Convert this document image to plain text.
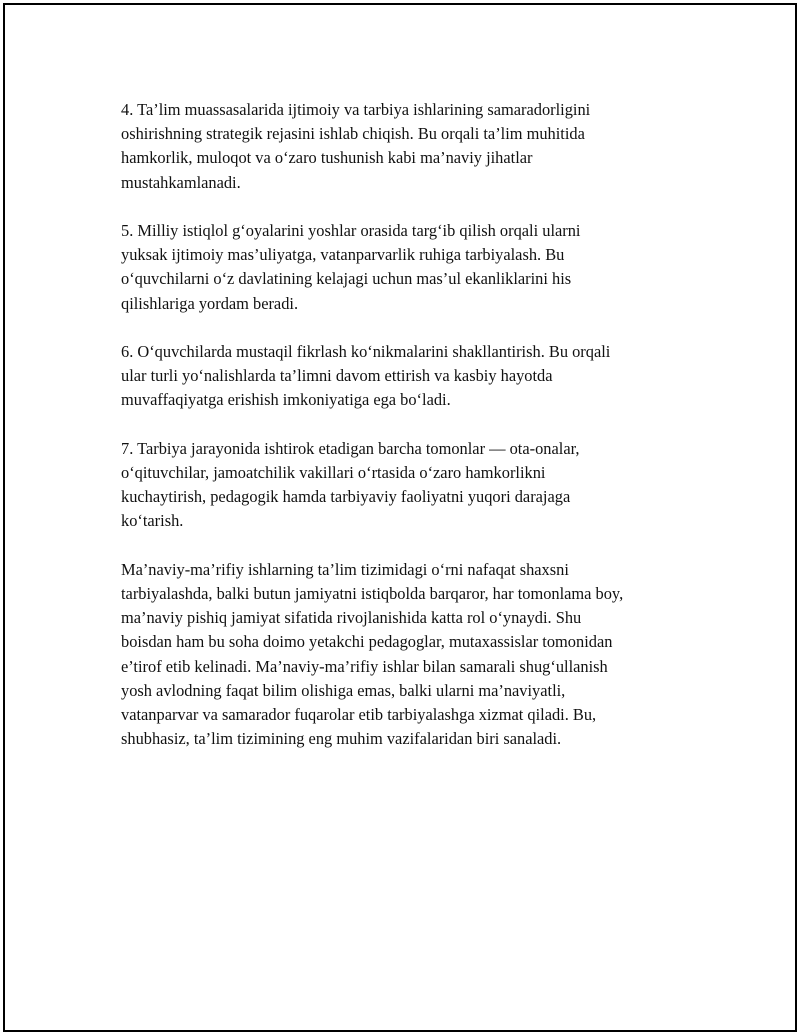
4. Ta’lim muassasalarida ijtimoiy va tarbiya ishlarining samaradorligini
oshirishning strategik rejasini ishlab chiqish. Bu orqali ta’lim muhitida
hamkorlik, muloqot va o‘zaro tushunish kabi ma’naviy jihatlar
mustahkamlanadi.

5. Milliy istiqlol g‘oyalarini yoshlar orasida targ‘ib qilish orqali ularni
yuksak ijtimoiy mas’uliyatga, vatanparvarlik ruhiga tarbiyalash. Bu
o‘quvchilarni o‘z davlatining kelajagi uchun mas’ul ekanliklarini his
qilishlariga yordam beradi.

6. O‘quvchilarda mustaqil fikrlash ko‘nikmalarini shakllantirish. Bu orqali
ular turli yo‘nalishlarda ta’limni davom ettirish va kasbiy hayotda
muvaffaqiyatga erishish imkoniyatiga ega bo‘ladi.

7. Tarbiya jarayonida ishtirok etadigan barcha tomonlar — ota-onalar,
o‘qituvchilar, jamoatchilik vakillari o‘rtasida o‘zaro hamkorlikni
kuchaytirish, pedagogik hamda tarbiyaviy faoliyatni yuqori darajaga
ko‘tarish.

Ma’naviy-ma’rifiy ishlarning ta’lim tizimidagi o‘rni nafaqat shaxsni
tarbiyalashda, balki butun jamiyatni istiqbolda barqaror, har tomonlama boy,
ma’naviy pishiq jamiyat sifatida rivojlanishida katta rol o‘ynaydi. Shu
boisdan ham bu soha doimo yetakchi pedagoglar, mutaxassislar tomonidan
e’tirof etib kelinadi. Ma’naviy-ma’rifiy ishlar bilan samarali shug‘ullanish
yosh avlodning faqat bilim olishiga emas, balki ularni ma’naviyatli,
vatanparvar va samarador fuqarolar etib tarbiyalashga xizmat qiladi. Bu,
shubhasiz, ta’lim tizimining eng muhim vazifalaridan biri sanaladi.
